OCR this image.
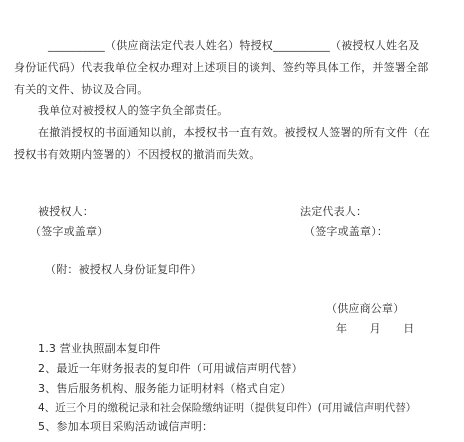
__________（供应商法定代表人姓名）特授权__________（被授权人姓名及
身份证代码）代表我单位全权办理对上述项目的谈判、签约等具体工作，并签署全部
有关的文件、协议及合同。
我单位对被授权人的签字负全部责任。
在撤消授权的书面通知以前，本授权书一直有效。被授权人签署的所有文件（在
授权书有效期内签署的）不因授权的撤消而失效。
被授权人：	法定代表人：
（签字或盖章）	（签字或盖章）：
（附：被授权人身份证复印件）
（供应商公章）
年　　月　　日
1.3 营业执照副本复印件
2、最近一年财务报表的复印件（可用诚信声明代替）
3、售后服务机构、服务能力证明材料（格式自定）
4、近三个月的缴税记录和社会保险缴纳证明（提供复印件）(可用诚信声明代替）
5、参加本项目采购活动诚信声明：
